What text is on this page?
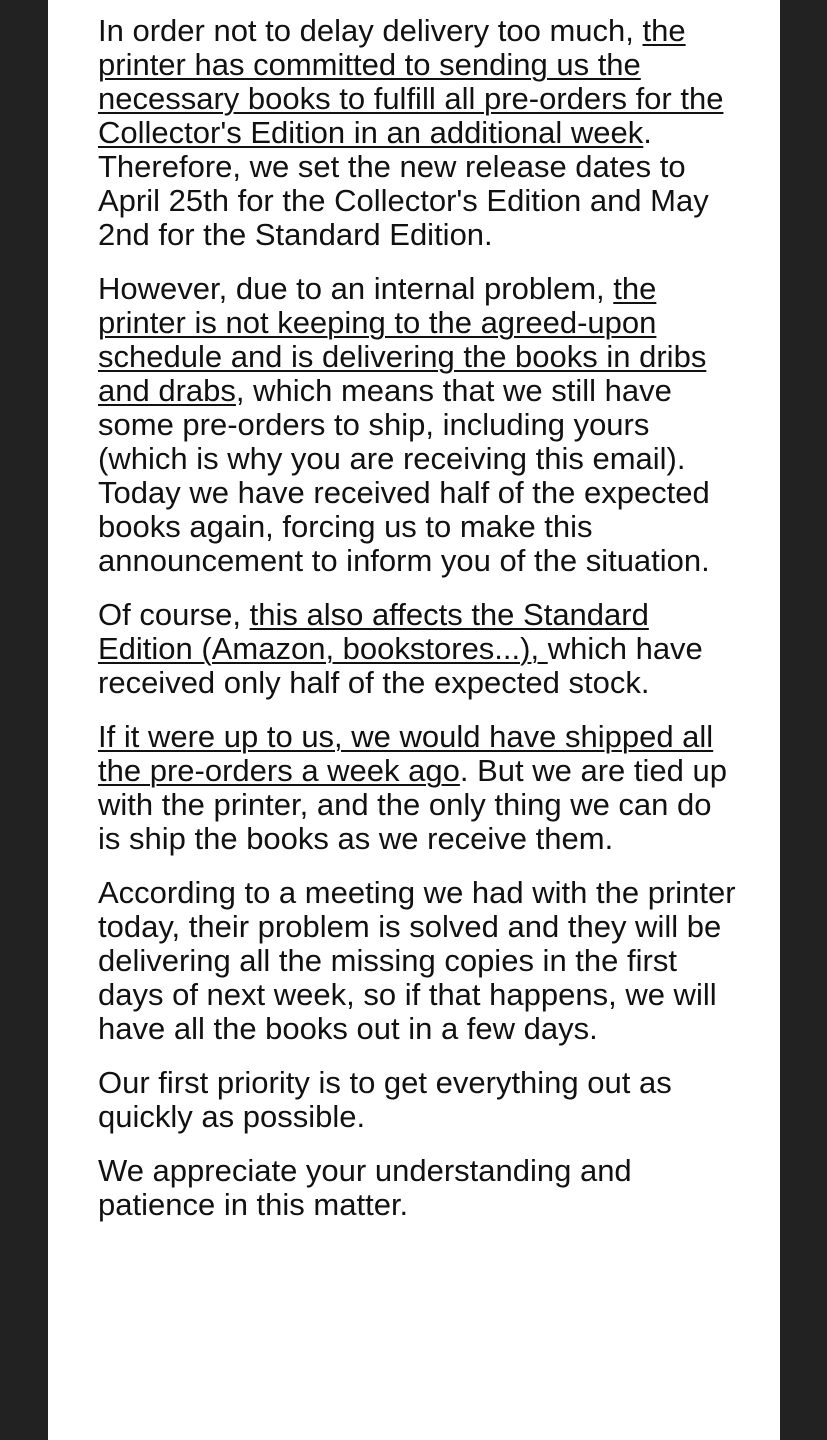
In order not to delay delivery too much, the printer has committed to sending us the necessary books to fulfill all pre-orders for the Collector's Edition in an additional week. Therefore, we set the new release dates to April 25th for the Collector's Edition and May 2nd for the Standard Edition.

However, due to an internal problem, the printer is not keeping to the agreed-upon schedule and is delivering the books in dribs and drabs, which means that we still have some pre-orders to ship, including yours (which is why you are receiving this email). Today we have received half of the expected books again, forcing us to make this announcement to inform you of the situation.

Of course, this also affects the Standard Edition (Amazon, bookstores...), which have received only half of the expected stock.

If it were up to us, we would have shipped all the pre-orders a week ago. But we are tied up with the printer, and the only thing we can do is ship the books as we receive them.

According to a meeting we had with the printer today, their problem is solved and they will be delivering all the missing copies in the first days of next week, so if that happens, we will have all the books out in a few days.

Our first priority is to get everything out as quickly as possible.

We appreciate your understanding and patience in this matter.
